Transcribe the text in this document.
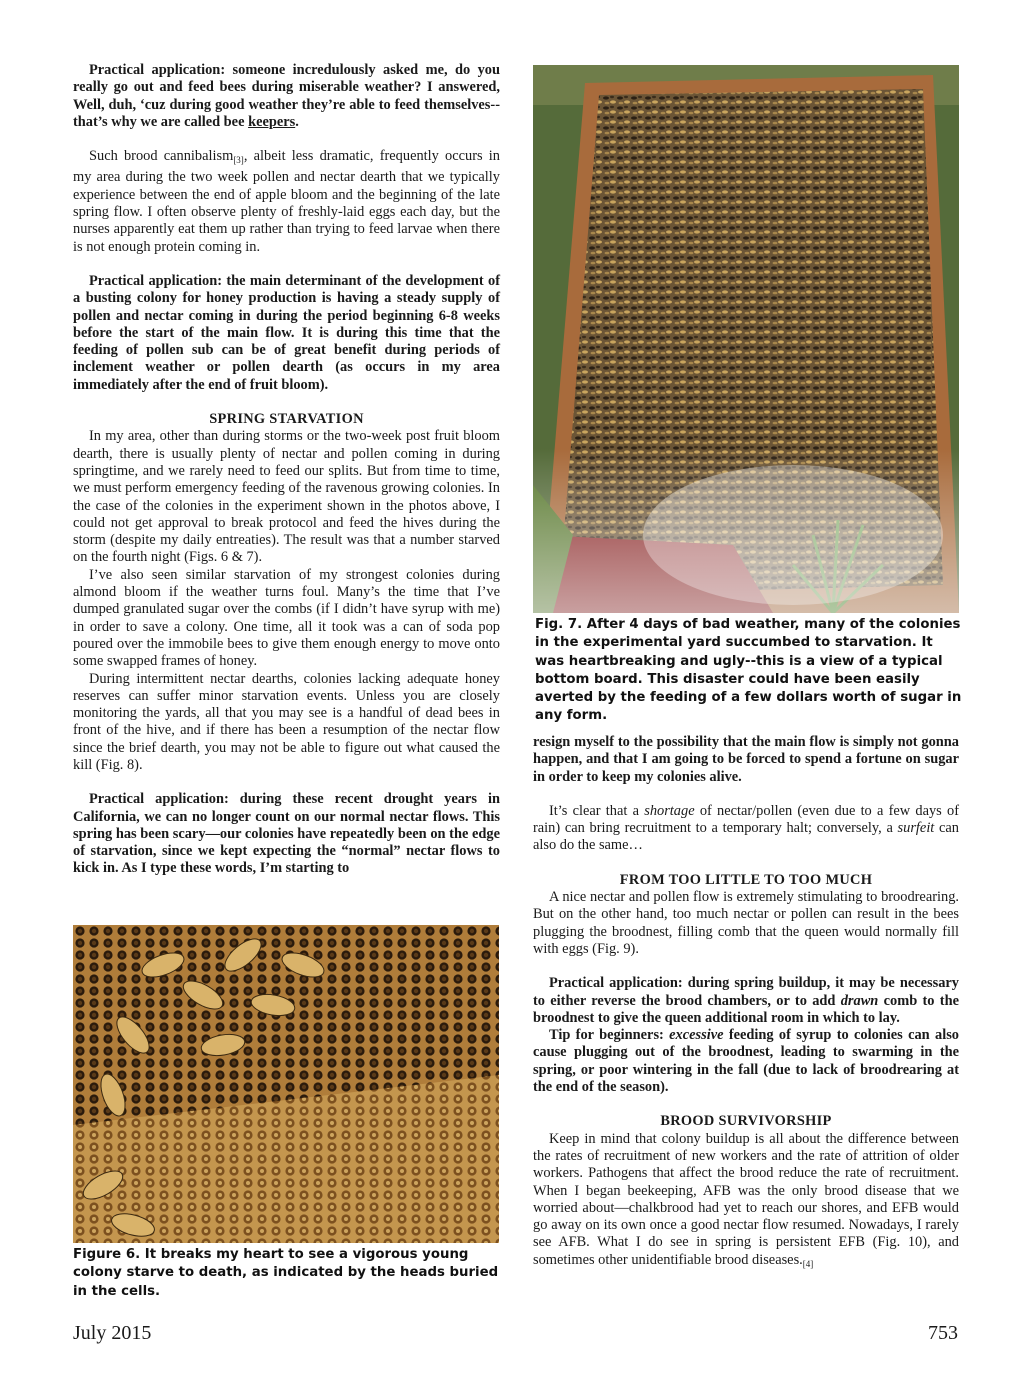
Fig. 7. After 4 days of bad weather, many of the colonies in the experimental yard succumbed to starvation. It was heartbreaking and ugly--this is a view of a typical bottom board. This disaster could have been easily averted by the feeding of a few dollars worth of sugar in any form.

Practical application: someone incredulously asked me, do you really go out and feed bees during miserable weather? I answered, Well, duh, ‘cuz during good weather they’re able to feed themselves--that’s why we are called bee keepers.

Such brood cannibalism$_{[3]}$, albeit less dramatic, frequently occurs in my area during the two week pollen and nectar dearth that we typically experience between the end of apple bloom and the beginning of the late spring flow. I often observe plenty of freshly-laid eggs each day, but the nurses apparently eat them up rather than trying to feed larvae when there is not enough protein coming in.

Practical application: the main determinant of the development of a busting colony for honey production is having a steady supply of pollen and nectar coming in during the period beginning 6-8 weeks before the start of the main flow. It is during this time that the feeding of pollen sub can be of great benefit during periods of inclement weather or pollen dearth (as occurs in my area immediately after the end of fruit bloom).

SPRING STARVATION

In my area, other than during storms or the two-week post fruit bloom dearth, there is usually plenty of nectar and pollen coming in during springtime, and we rarely need to feed our splits. But from time to time, we must perform emergency feeding of the ravenous growing colonies. In the case of the colonies in the experiment shown in the photos above, I could not get approval to break protocol and feed the hives during the storm (despite my daily entreaties). The result was that a number starved on the fourth night (Figs. 6 & 7).

I’ve also seen similar starvation of my strongest colonies during almond bloom if the weather turns foul. Many’s the time that I’ve dumped granulated sugar over the combs (if I didn’t have syrup with me) in order to save a colony. One time, all it took was a can of soda pop poured over the immobile bees to give them enough energy to move onto some swapped frames of honey.

During intermittent nectar dearths, colonies lacking adequate honey reserves can suffer minor starvation events. Unless you are closely monitoring the yards, all that you may see is a handful of dead bees in front of the hive, and if there has been a resumption of the nectar flow since the brief dearth, you may not be able to figure out what caused the kill (Fig. 8).

Practical application: during these recent drought years in California, we can no longer count on our normal nectar flows. This spring has been scary—our colonies have repeatedly been on the edge of starvation, since we kept expecting the “normal” nectar flows to kick in. As I type these words, I’m starting to

Figure 6. It breaks my heart to see a vigorous young colony starve to death, as indicated by the heads buried in the cells.

resign myself to the possibility that the main flow is simply not gonna happen, and that I am going to be forced to spend a fortune on sugar in order to keep my colonies alive.

It’s clear that a shortage of nectar/pollen (even due to a few days of rain) can bring recruitment to a temporary halt; conversely, a surfeit can also do the same…

FROM TOO LITTLE TO TOO MUCH

A nice nectar and pollen flow is extremely stimulating to broodrearing. But on the other hand, too much nectar or pollen can result in the bees plugging the broodnest, filling comb that the queen would normally fill with eggs (Fig. 9).

Practical application: during spring buildup, it may be necessary to either reverse the brood chambers, or to add drawn comb to the broodnest to give the queen additional room in which to lay.

Tip for beginners: excessive feeding of syrup to colonies can also cause plugging out of the broodnest, leading to swarming in the spring, or poor wintering in the fall (due to lack of broodrearing at the end of the season).

BROOD SURVIVORSHIP

Keep in mind that colony buildup is all about the difference between the rates of recruitment of new workers and the rate of attrition of older workers. Pathogens that affect the brood reduce the rate of recruitment. When I began beekeeping, AFB was the only brood disease that we worried about—chalkbrood had yet to reach our shores, and EFB would go away on its own once a good nectar flow resumed. Nowadays, I rarely see AFB. What I do see in spring is persistent EFB (Fig. 10), and sometimes other unidentifiable brood $diseases._{[4]}$

July 2015	753
